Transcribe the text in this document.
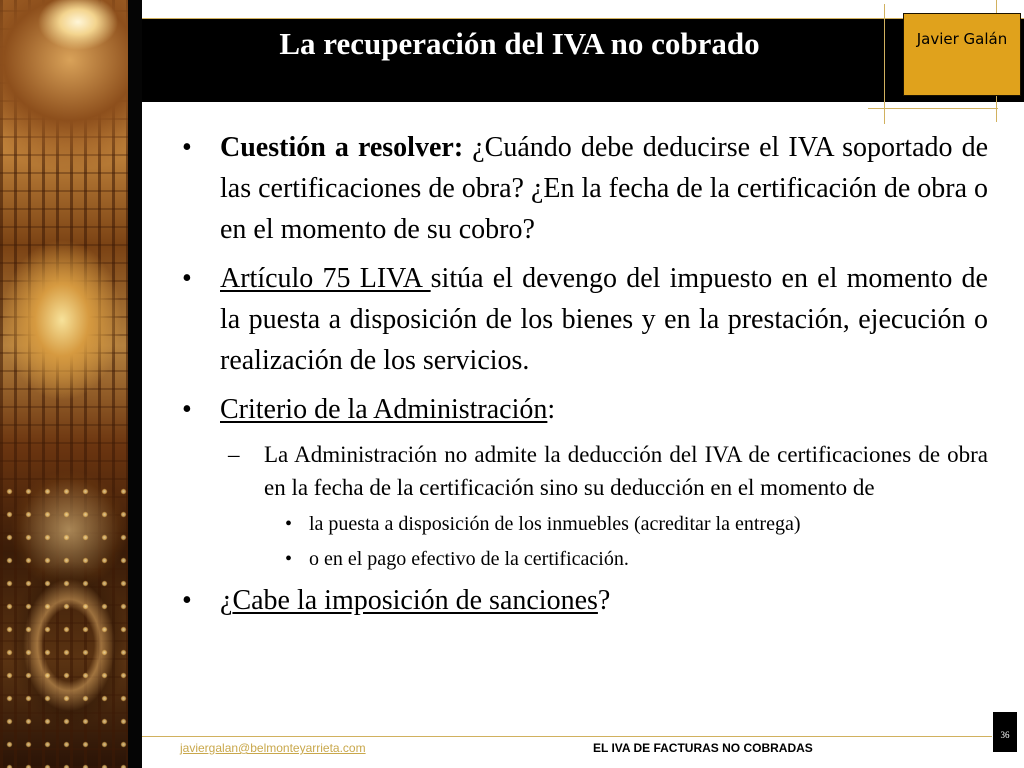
La recuperación del IVA no cobrado	Javier Galán
• Cuestión a resolver: ¿Cuándo debe deducirse el IVA soportado de las certificaciones de obra? ¿En la fecha de la certificación de obra o en el momento de su cobro?
• Artículo 75 LIVA sitúa el devengo del impuesto en el momento de la puesta a disposición de los bienes y en la prestación, ejecución o realización de los servicios.
• Criterio de la Administración:
– La Administración no admite la deducción del IVA de certificaciones de obra en la fecha de la certificación sino su deducción en el momento de
• la puesta a disposición de los inmuebles (acreditar la entrega)
• o en el pago efectivo de la certificación.
• ¿Cabe la imposición de sanciones?
javiergalan@belmonteyarrieta.com	EL IVA DE FACTURAS NO COBRADAS
36
